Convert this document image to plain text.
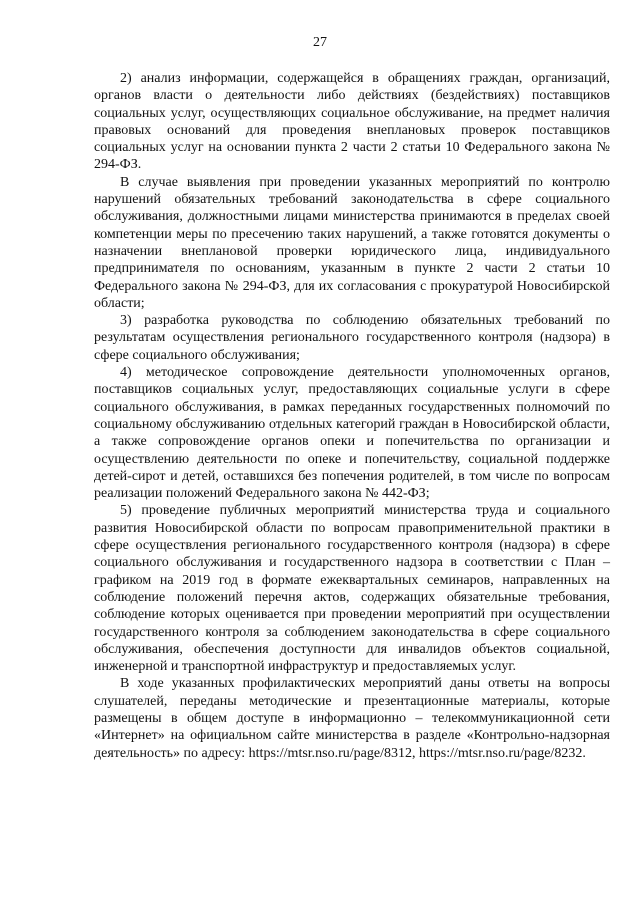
27

2) анализ информации, содержащейся в обращениях граждан, организаций, органов власти о деятельности либо действиях (бездействиях) поставщиков социальных услуг, осуществляющих социальное обслуживание, на предмет наличия правовых оснований для проведения внеплановых проверок поставщиков социальных услуг на основании пункта 2 части 2 статьи 10 Федерального закона № 294-ФЗ.

В случае выявления при проведении указанных мероприятий по контролю нарушений обязательных требований законодательства в сфере социального обслуживания, должностными лицами министерства принимаются в пределах своей компетенции меры по пресечению таких нарушений, а также готовятся документы о назначении внеплановой проверки юридического лица, индивидуального предпринимателя по основаниям, указанным в пункте 2 части 2 статьи 10 Федерального закона № 294-ФЗ, для их согласования с прокуратурой Новосибирской области;

3) разработка руководства по соблюдению обязательных требований по результатам осуществления регионального государственного контроля (надзора) в сфере социального обслуживания;

4) методическое сопровождение деятельности уполномоченных органов, поставщиков социальных услуг, предоставляющих социальные услуги в сфере социального обслуживания, в рамках переданных государственных полномочий по социальному обслуживанию отдельных категорий граждан в Новосибирской области, а также сопровождение органов опеки и попечительства по организации и осуществлению деятельности по опеке и попечительству, социальной поддержке детей-сирот и детей, оставшихся без попечения родителей, в том числе по вопросам реализации положений Федерального закона № 442-ФЗ;

5) проведение публичных мероприятий министерства труда и социального развития Новосибирской области по вопросам правоприменительной практики в сфере осуществления регионального государственного контроля (надзора) в сфере социального обслуживания и государственного надзора в соответствии с План – графиком на 2019 год в формате ежеквартальных семинаров, направленных на соблюдение положений перечня актов, содержащих обязательные требования, соблюдение которых оценивается при проведении мероприятий при осуществлении государственного контроля за соблюдением законодательства в сфере социального обслуживания, обеспечения доступности для инвалидов объектов социальной, инженерной и транспортной инфраструктур и предоставляемых услуг.

В ходе указанных профилактических мероприятий даны ответы на вопросы слушателей, переданы методические и презентационные материалы, которые размещены в общем доступе в информационно – телекоммуникационной сети «Интернет» на официальном сайте министерства в разделе «Контрольно-надзорная деятельность» по адресу: https://mtsr.nso.ru/page/8312, https://mtsr.nso.ru/page/8232.
